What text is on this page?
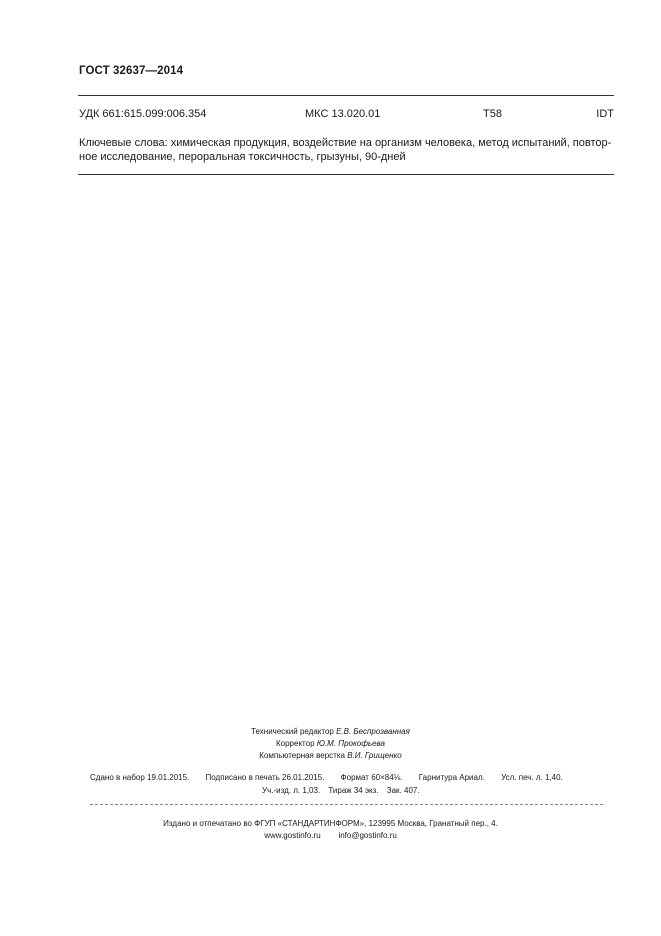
ГОСТ 32637—2014
УДК 661:615.099:006.354	МКС 13.020.01	Т58	IDT
Ключевые слова: химическая продукция, воздействие на организм человека, метод испытаний, повтор-ное исследование, пероральная токсичность, грызуны, 90-дней
Технический редактор Е.В. Беспрозванная
Корректор Ю.М. Прокофьева
Компьютерная верстка В.И. Грищенко
Сдано в набор 19.01.2015. Подписано в печать 26.01.2015. Формат 60×84⅛. Гарнитура Ариал. Усл. печ. л. 1,40.
Уч.-изд. л. 1,03. Тираж 34 экз. Зак. 407.
Издано и отпечатано во ФГУП «СТАНДАРТИНФОРМ», 123995 Москва, Гранатный пер., 4.
www.gostinfo.ru info@gostinfo.ru
